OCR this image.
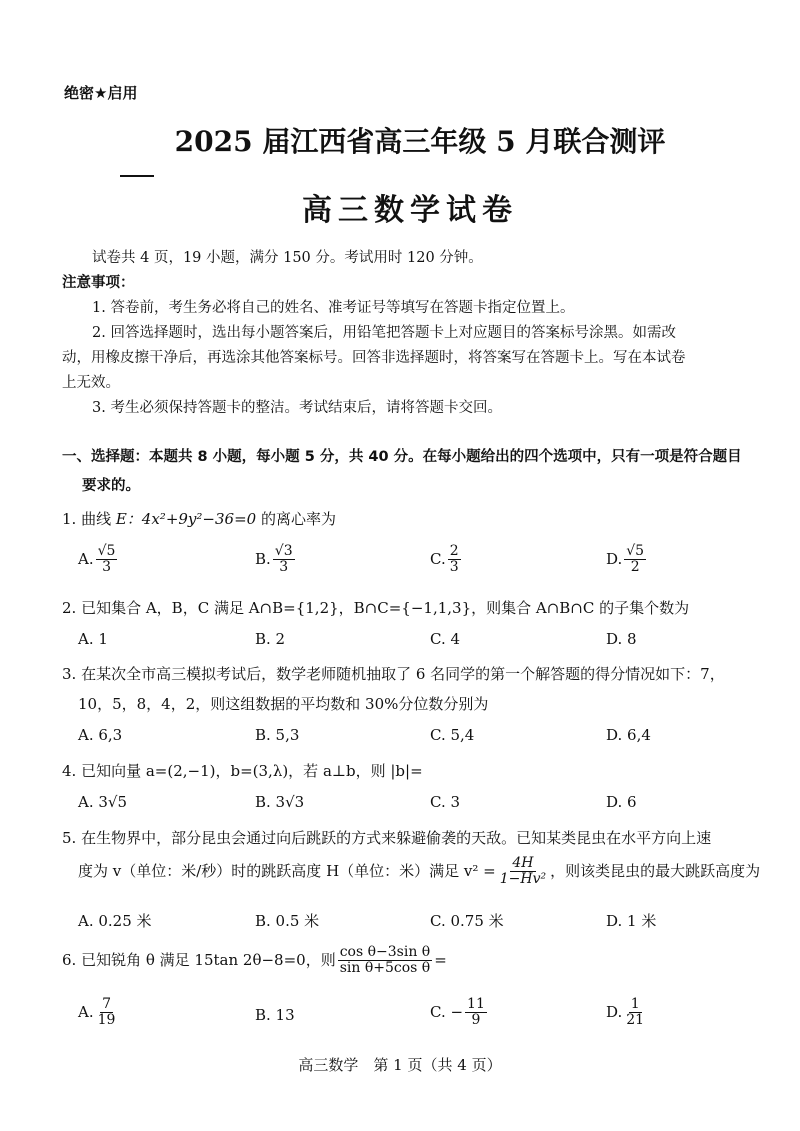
绝密★启用
2025 届江西省高三年级 5 月联合测评
高三数学试卷
试卷共 4 页，19 小题，满分 150 分。考试用时 120 分钟。
注意事项：
1. 答卷前，考生务必将自己的姓名、准考证号等填写在答题卡指定位置上。
2. 回答选择题时，选出每小题答案后，用铅笔把答题卡上对应题目的答案标号涂黑。如需改
动，用橡皮擦干净后，再选涂其他答案标号。回答非选择题时，将答案写在答题卡上。写在本试卷
上无效。
3. 考生必须保持答题卡的整洁。考试结束后，请将答题卡交回。
一、选择题：本题共 8 小题，每小题 5 分，共 40 分。在每小题给出的四个选项中，只有一项是符合题目
要求的。
1. 曲线 E：4x²+9y²−36=0 的离心率为
A. $\frac{√5}{3}$	B. $\frac{√3}{3}$	C. $\frac{2}{3}$	D. $\frac{√5}{2}$
2. 已知集合 A，B，C 满足 A∩B={1,2}，B∩C={−1,1,3}，则集合 A∩B∩C 的子集个数为
A. 1	B. 2	C. 4	D. 8
3. 在某次全市高三模拟考试后，数学老师随机抽取了 6 名同学的第一个解答题的得分情况如下：7，
10，5，8，4，2，则这组数据的平均数和 30%分位数分别为
A. 6,3	B. 5,3	C. 5,4	D. 6,4
4. 已知向量 a=(2,−1)，b=(3,λ)，若 a⊥b，则 |b|=
A. 3√5	B. 3√3	C. 3	D. 6
5. 在生物界中，部分昆虫会通过向后跳跃的方式来躲避偷袭的天敌。已知某类昆虫在水平方向上速
度为 v（单位：米/秒）时的跳跃高度 H（单位：米）满足 $v^2 = \frac{4H}{\text{1−Hv²}}$ ，则该类昆虫的最大跳跃高度为
A. 0.25 米	B. 0.5 米	C. 0.75 米	D. 1 米
6. 已知锐角 θ 满足 15tan 2θ−8=0，则 $\frac{\text{cos θ−3sin θ}}{\text{sin θ+5cos θ}}$ =
A. $\frac{7}{19}$	B. 13	C. − $\frac{11}{9}$	D. $\frac{1}{21}$
高三数学　第 1 页（共 4 页）
